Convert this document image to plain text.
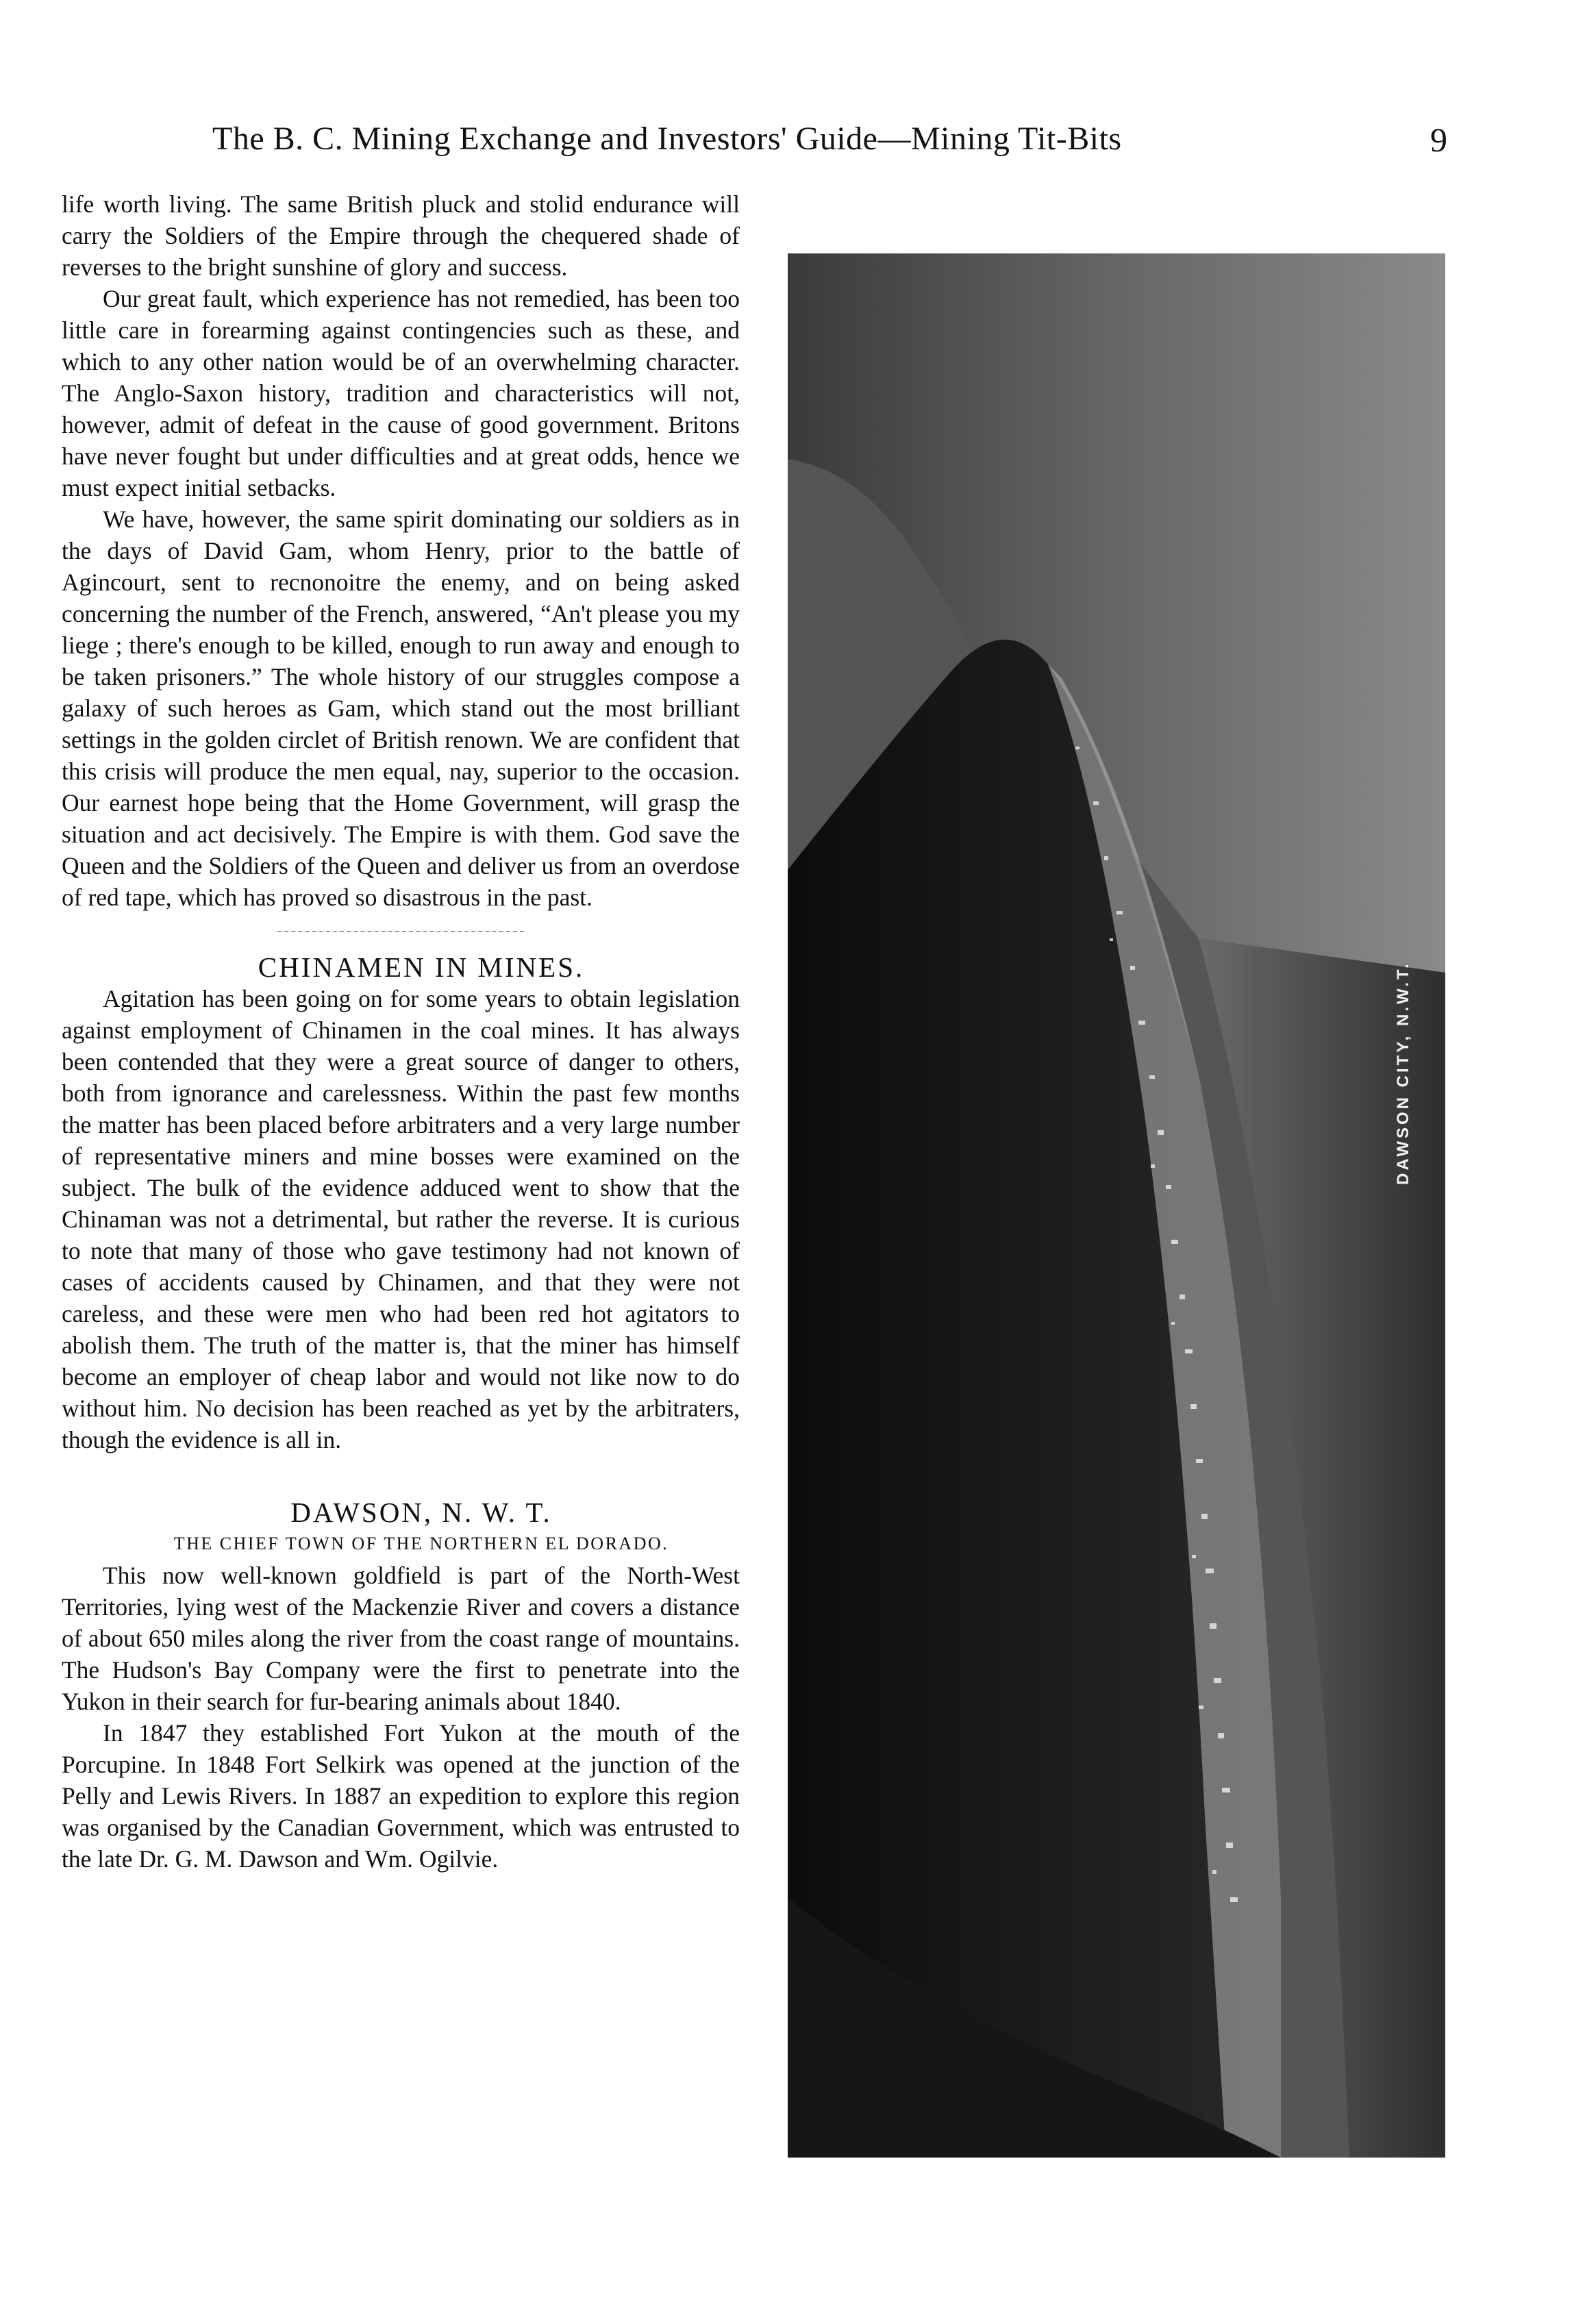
The B. C. Mining Exchange and Investors' Guide—Mining Tit-Bits	9

life worth living. The same British pluck and stolid endurance will carry the Soldiers of the Empire through the chequered shade of reverses to the bright sunshine of glory and success.

Our great fault, which experience has not remedied, has been too little care in forearming against contingencies such as these, and which to any other nation would be of an overwhelming character. The Anglo-Saxon history, tradition and characteristics will not, however, admit of defeat in the cause of good government. Britons have never fought but under difficulties and at great odds, hence we must expect initial setbacks.

We have, however, the same spirit dominating our soldiers as in the days of David Gam, whom Henry, prior to the battle of Agincourt, sent to recnonoitre the enemy, and on being asked concerning the number of the French, answered, “An't please you my liege ; there's enough to be killed, enough to run away and enough to be taken prisoners.” The whole history of our struggles compose a galaxy of such heroes as Gam, which stand out the most brilliant settings in the golden circlet of British renown. We are confident that this crisis will produce the men equal, nay, superior to the occasion. Our earnest hope being that the Home Government, will grasp the situation and act decisively. The Empire is with them. God save the Queen and the Soldiers of the Queen and deliver us from an overdose of red tape, which has proved so disastrous in the past.

CHINAMEN IN MINES.

Agitation has been going on for some years to obtain legislation against employment of Chinamen in the coal mines. It has always been contended that they were a great source of danger to others, both from ignorance and carelessness. Within the past few months the matter has been placed before arbitraters and a very large number of representative miners and mine bosses were examined on the subject. The bulk of the evidence adduced went to show that the Chinaman was not a detrimental, but rather the reverse. It is curious to note that many of those who gave testimony had not known of cases of accidents caused by Chinamen, and that they were not careless, and these were men who had been red hot agitators to abolish them. The truth of the matter is, that the miner has himself become an employer of cheap labor and would not like now to do without him. No decision has been reached as yet by the arbitraters, though the evidence is all in.

DAWSON, N. W. T.

THE CHIEF TOWN OF THE NORTHERN EL DORADO.

This now well-known goldfield is part of the North-West Territories, lying west of the Mackenzie River and covers a distance of about 650 miles along the river from the coast range of mountains. The Hudson's Bay Company were the first to penetrate into the Yukon in their search for fur-bearing animals about 1840.

In 1847 they established Fort Yukon at the mouth of the Porcupine. In 1848 Fort Selkirk was opened at the junction of the Pelly and Lewis Rivers. In 1887 an expedition to explore this region was organised by the Canadian Government, which was entrusted to the late Dr. G. M. Dawson and Wm. Ogilvie.

DAWSON CITY, N.W.T.
